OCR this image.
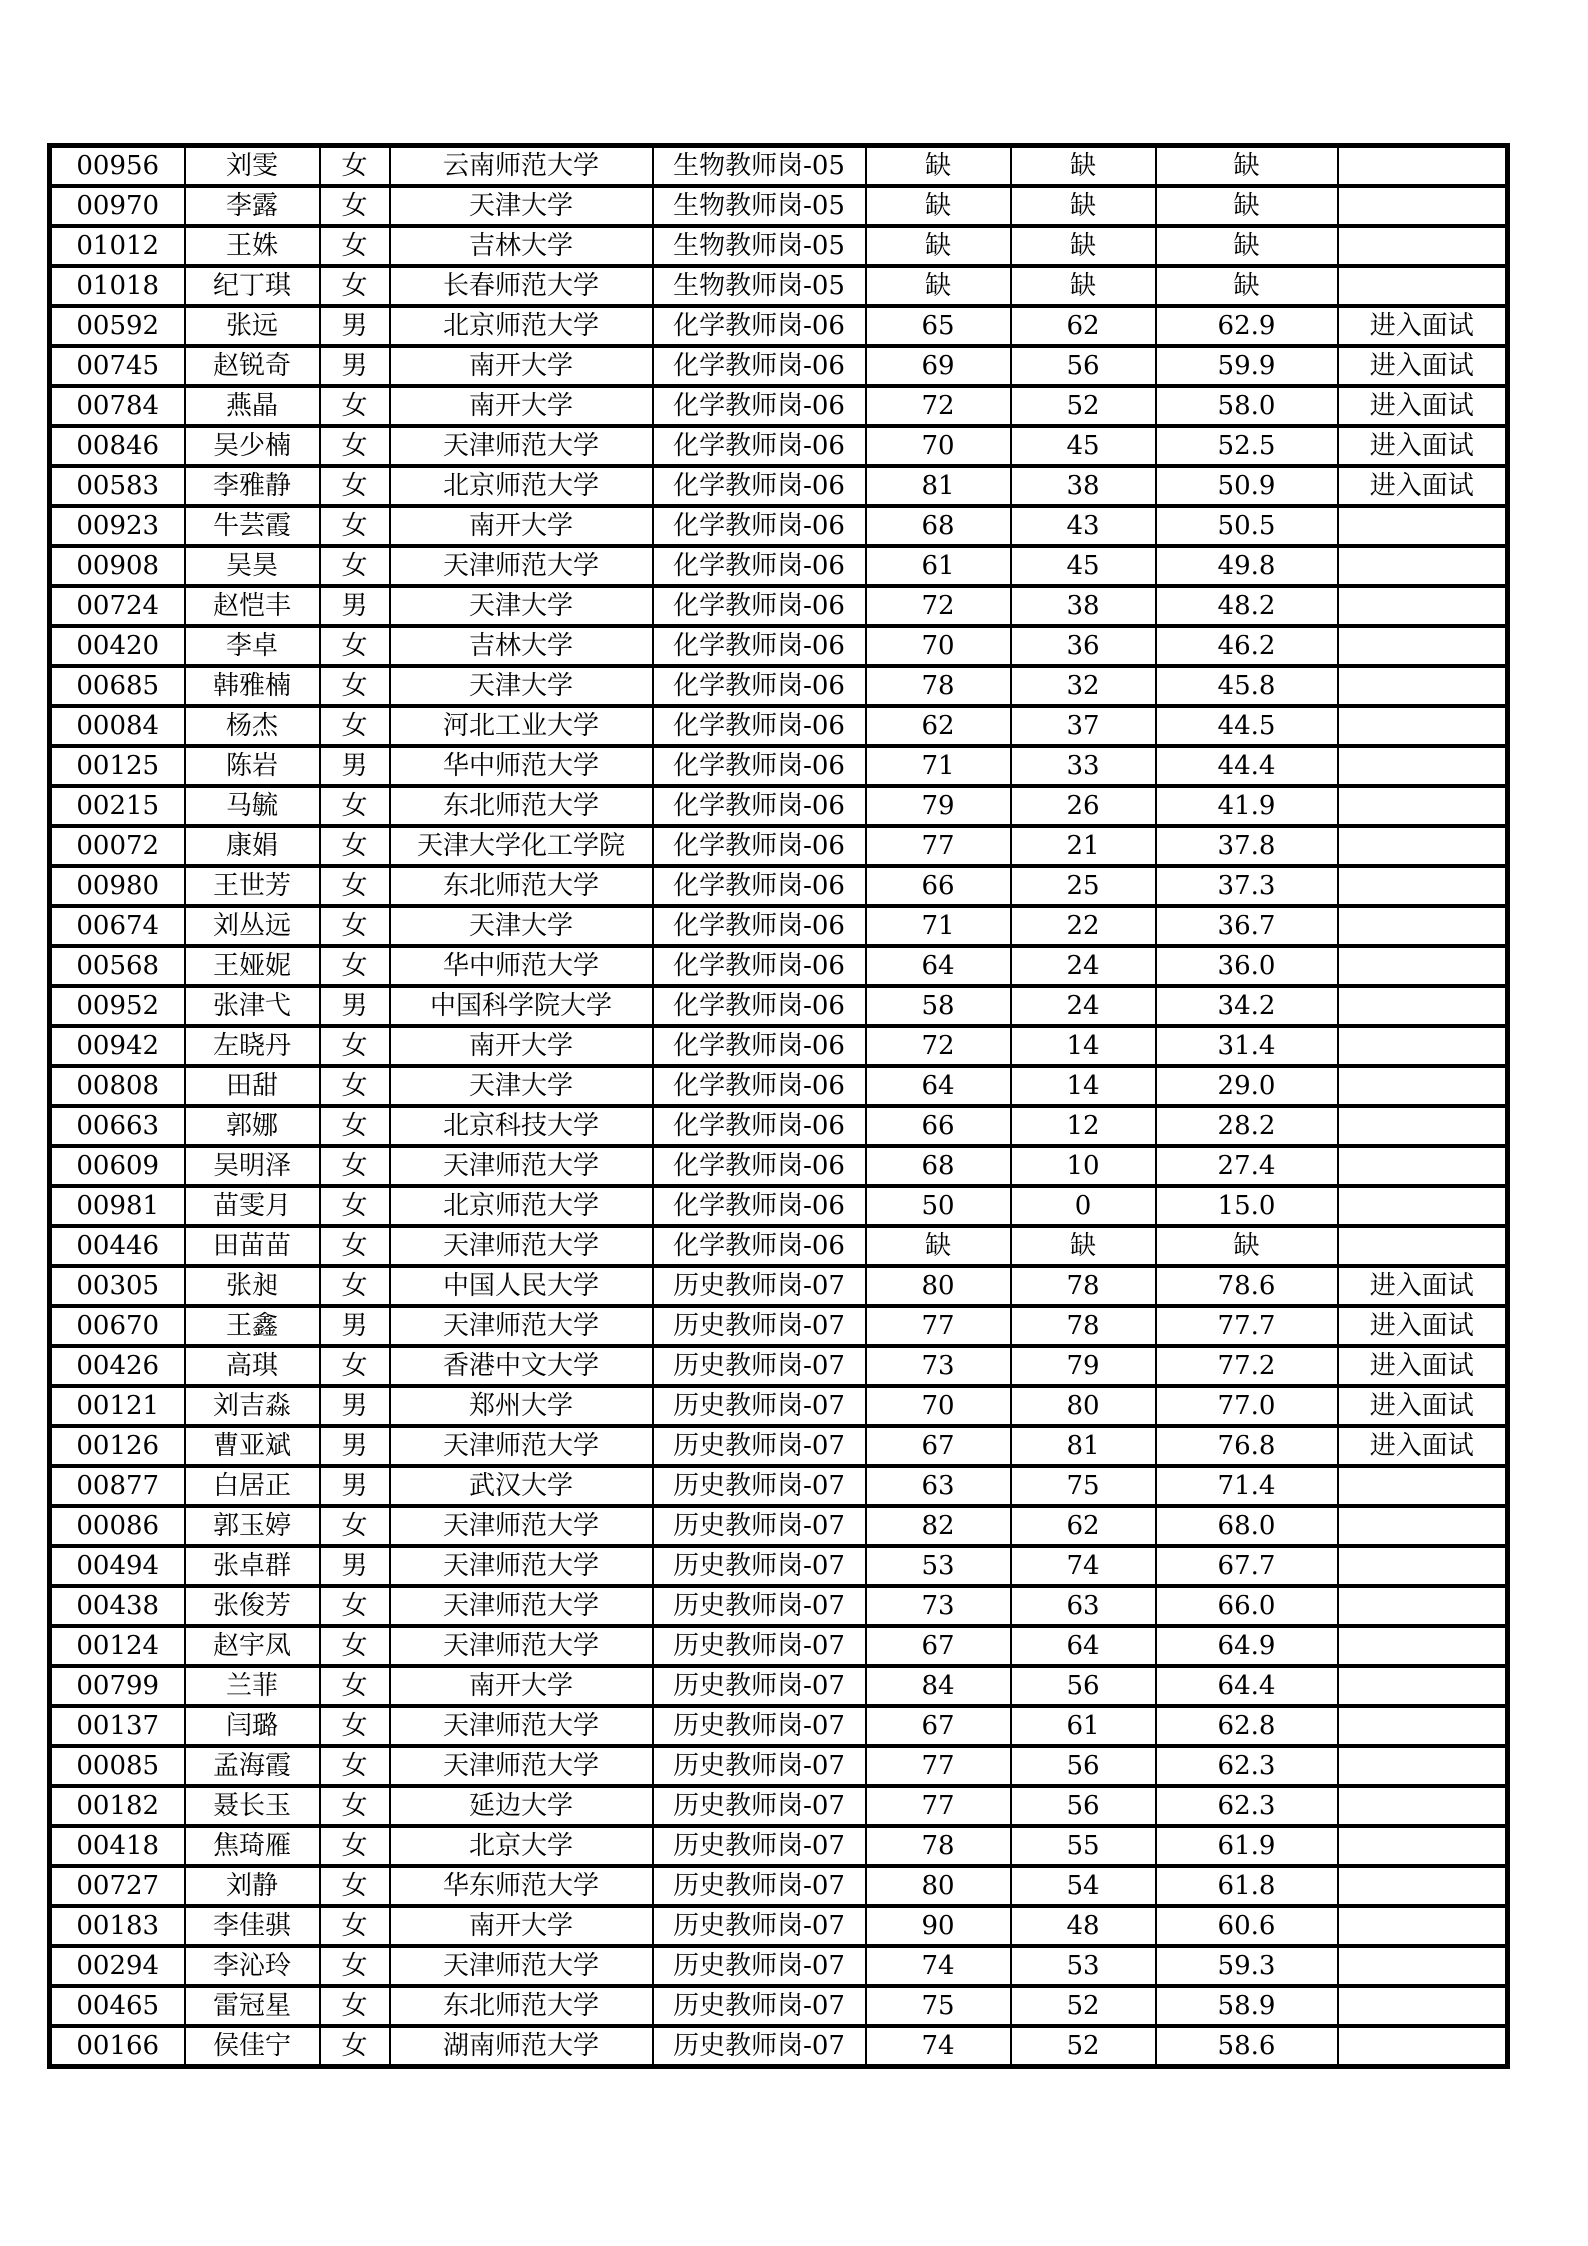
00956	刘雯	女	云南师范大学	生物教师岗-05	缺	缺	缺	
00970	李露	女	天津大学	生物教师岗-05	缺	缺	缺	
01012	王姝	女	吉林大学	生物教师岗-05	缺	缺	缺	
01018	纪丁琪	女	长春师范大学	生物教师岗-05	缺	缺	缺	
00592	张远	男	北京师范大学	化学教师岗-06	65	62	62.9	进入面试
00745	赵锐奇	男	南开大学	化学教师岗-06	69	56	59.9	进入面试
00784	燕晶	女	南开大学	化学教师岗-06	72	52	58.0	进入面试
00846	吴少楠	女	天津师范大学	化学教师岗-06	70	45	52.5	进入面试
00583	李雅静	女	北京师范大学	化学教师岗-06	81	38	50.9	进入面试
00923	牛芸霞	女	南开大学	化学教师岗-06	68	43	50.5	
00908	吴昊	女	天津师范大学	化学教师岗-06	61	45	49.8	
00724	赵恺丰	男	天津大学	化学教师岗-06	72	38	48.2	
00420	李卓	女	吉林大学	化学教师岗-06	70	36	46.2	
00685	韩雅楠	女	天津大学	化学教师岗-06	78	32	45.8	
00084	杨杰	女	河北工业大学	化学教师岗-06	62	37	44.5	
00125	陈岩	男	华中师范大学	化学教师岗-06	71	33	44.4	
00215	马毓	女	东北师范大学	化学教师岗-06	79	26	41.9	
00072	康娟	女	天津大学化工学院	化学教师岗-06	77	21	37.8	
00980	王世芳	女	东北师范大学	化学教师岗-06	66	25	37.3	
00674	刘丛远	女	天津大学	化学教师岗-06	71	22	36.7	
00568	王娅妮	女	华中师范大学	化学教师岗-06	64	24	36.0	
00952	张津弋	男	中国科学院大学	化学教师岗-06	58	24	34.2	
00942	左晓丹	女	南开大学	化学教师岗-06	72	14	31.4	
00808	田甜	女	天津大学	化学教师岗-06	64	14	29.0	
00663	郭娜	女	北京科技大学	化学教师岗-06	66	12	28.2	
00609	吴明泽	女	天津师范大学	化学教师岗-06	68	10	27.4	
00981	苗雯月	女	北京师范大学	化学教师岗-06	50	0	15.0	
00446	田苗苗	女	天津师范大学	化学教师岗-06	缺	缺	缺	
00305	张昶	女	中国人民大学	历史教师岗-07	80	78	78.6	进入面试
00670	王鑫	男	天津师范大学	历史教师岗-07	77	78	77.7	进入面试
00426	高琪	女	香港中文大学	历史教师岗-07	73	79	77.2	进入面试
00121	刘吉淼	男	郑州大学	历史教师岗-07	70	80	77.0	进入面试
00126	曹亚斌	男	天津师范大学	历史教师岗-07	67	81	76.8	进入面试
00877	白居正	男	武汉大学	历史教师岗-07	63	75	71.4	
00086	郭玉婷	女	天津师范大学	历史教师岗-07	82	62	68.0	
00494	张卓群	男	天津师范大学	历史教师岗-07	53	74	67.7	
00438	张俊芳	女	天津师范大学	历史教师岗-07	73	63	66.0	
00124	赵宇凤	女	天津师范大学	历史教师岗-07	67	64	64.9	
00799	兰菲	女	南开大学	历史教师岗-07	84	56	64.4	
00137	闫璐	女	天津师范大学	历史教师岗-07	67	61	62.8	
00085	孟海霞	女	天津师范大学	历史教师岗-07	77	56	62.3	
00182	聂长玉	女	延边大学	历史教师岗-07	77	56	62.3	
00418	焦琦雁	女	北京大学	历史教师岗-07	78	55	61.9	
00727	刘静	女	华东师范大学	历史教师岗-07	80	54	61.8	
00183	李佳骐	女	南开大学	历史教师岗-07	90	48	60.6	
00294	李沁玲	女	天津师范大学	历史教师岗-07	74	53	59.3	
00465	雷冠星	女	东北师范大学	历史教师岗-07	75	52	58.9	
00166	侯佳宁	女	湖南师范大学	历史教师岗-07	74	52	58.6	
